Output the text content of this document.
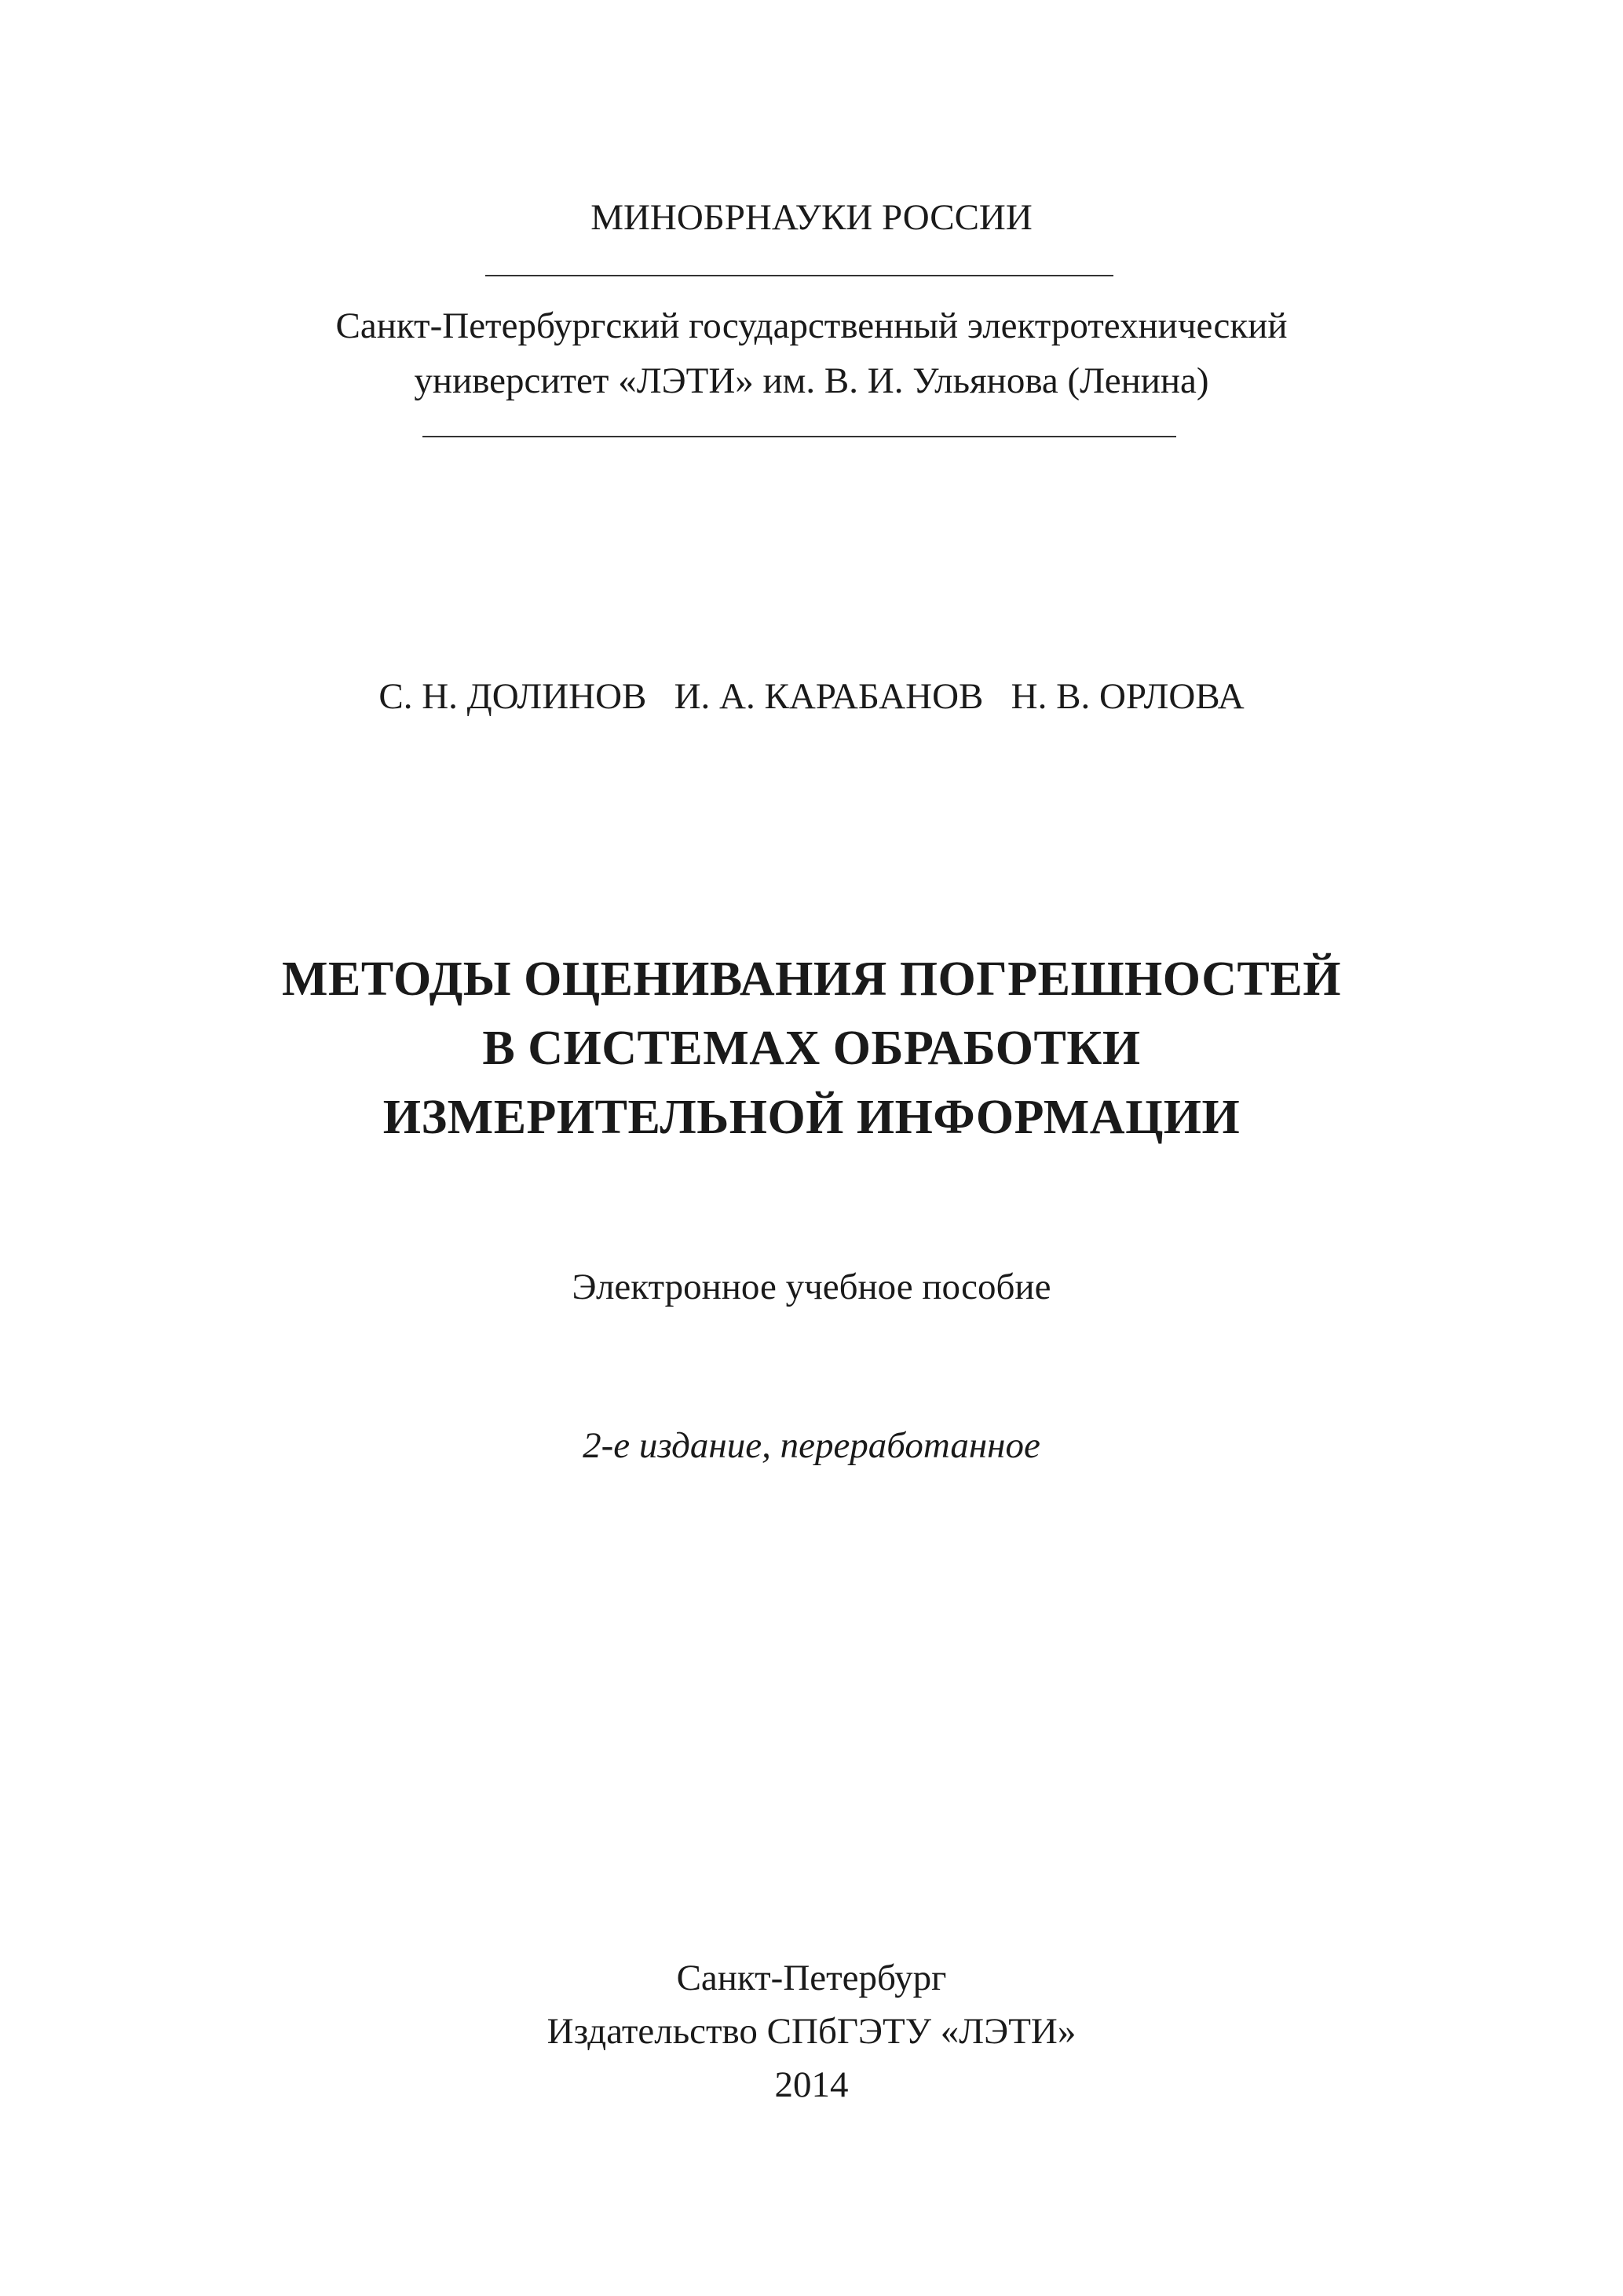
МИНОБРНАУКИ РОССИИ
Санкт-Петербургский государственный электротехнический
университет «ЛЭТИ» им. В. И. Ульянова (Ленина)
С. Н. ДОЛИНОВ   И. А. КАРАБАНОВ   Н. В. ОРЛОВА
МЕТОДЫ ОЦЕНИВАНИЯ ПОГРЕШНОСТЕЙ
В СИСТЕМАХ ОБРАБОТКИ
ИЗМЕРИТЕЛЬНОЙ ИНФОРМАЦИИ
Электронное учебное пособие
2-е издание, переработанное
Санкт-Петербург
Издательство СПбГЭТУ «ЛЭТИ»
2014
